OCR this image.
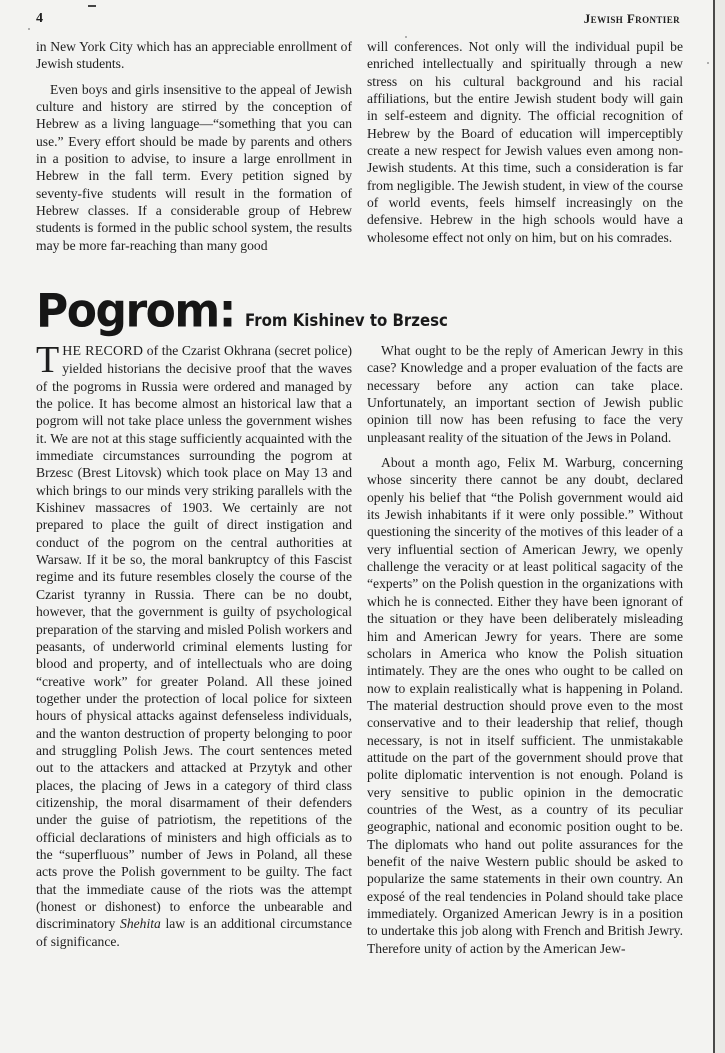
4	Jewish Frontier

in New York City which has an appreciable enrollment of Jewish students.

Even boys and girls insensitive to the appeal of Jewish culture and history are stirred by the conception of Hebrew as a living language—“something that you can use.” Every effort should be made by parents and others in a position to advise, to insure a large enrollment in Hebrew in the fall term. Every petition signed by seventy-five students will result in the formation of Hebrew classes. If a considerable group of Hebrew students is formed in the public school system, the results may be more far-reaching than many good

will conferences. Not only will the individual pupil be enriched intellectually and spiritually through a new stress on his cultural background and his racial affiliations, but the entire Jewish student body will gain in self-esteem and dignity. The official recognition of Hebrew by the Board of education will imperceptibly create a new respect for Jewish values even among non-Jewish students. At this time, such a consideration is far from negligible. The Jewish student, in view of the course of world events, feels himself increasingly on the defensive. Hebrew in the high schools would have a wholesome effect not only on him, but on his comrades.

Pogrom: From Kishinev to Brzesc

THE RECORD of the Czarist Okhrana (secret police) yielded historians the decisive proof that the waves of the pogroms in Russia were ordered and managed by the police. It has become almost an historical law that a pogrom will not take place unless the government wishes it. We are not at this stage sufficiently acquainted with the immediate circumstances surrounding the pogrom at Brzesc (Brest Litovsk) which took place on May 13 and which brings to our minds very striking parallels with the Kishinev massacres of 1903. We certainly are not prepared to place the guilt of direct instigation and conduct of the pogrom on the central authorities at Warsaw. If it be so, the moral bankruptcy of this Fascist regime and its future resembles closely the course of the Czarist tyranny in Russia. There can be no doubt, however, that the government is guilty of psychological preparation of the starving and misled Polish workers and peasants, of underworld criminal elements lusting for blood and property, and of intellectuals who are doing “creative work” for greater Poland. All these joined together under the protection of local police for sixteen hours of physical attacks against defenseless individuals, and the wanton destruction of property belonging to poor and struggling Polish Jews. The court sentences meted out to the attackers and attacked at Przytyk and other places, the placing of Jews in a category of third class citizenship, the moral disarmament of their defenders under the guise of patriotism, the repetitions of the official declarations of ministers and high officials as to the “superfluous” number of Jews in Poland, all these acts prove the Polish government to be guilty. The fact that the immediate cause of the riots was the attempt (honest or dishonest) to enforce the unbearable and discriminatory Shehita law is an additional circumstance of significance.

What ought to be the reply of American Jewry in this case? Knowledge and a proper evaluation of the facts are necessary before any action can take place. Unfortunately, an important section of Jewish public opinion till now has been refusing to face the very unpleasant reality of the situation of the Jews in Poland.

About a month ago, Felix M. Warburg, concerning whose sincerity there cannot be any doubt, declared openly his belief that “the Polish government would aid its Jewish inhabitants if it were only possible.” Without questioning the sincerity of the motives of this leader of a very influential section of American Jewry, we openly challenge the veracity or at least political sagacity of the “experts” on the Polish question in the organizations with which he is connected. Either they have been ignorant of the situation or they have been deliberately misleading him and American Jewry for years. There are some scholars in America who know the Polish situation intimately. They are the ones who ought to be called on now to explain realistically what is happening in Poland. The material destruction should prove even to the most conservative and to their leadership that relief, though necessary, is not in itself sufficient. The unmistakable attitude on the part of the government should prove that polite diplomatic intervention is not enough. Poland is very sensitive to public opinion in the democratic countries of the West, as a country of its peculiar geographic, national and economic position ought to be. The diplomats who hand out polite assurances for the benefit of the naive Western public should be asked to popularize the same statements in their own country. An exposé of the real tendencies in Poland should take place immediately. Organized American Jewry is in a position to undertake this job along with French and British Jewry. Therefore unity of action by the American Jew-
